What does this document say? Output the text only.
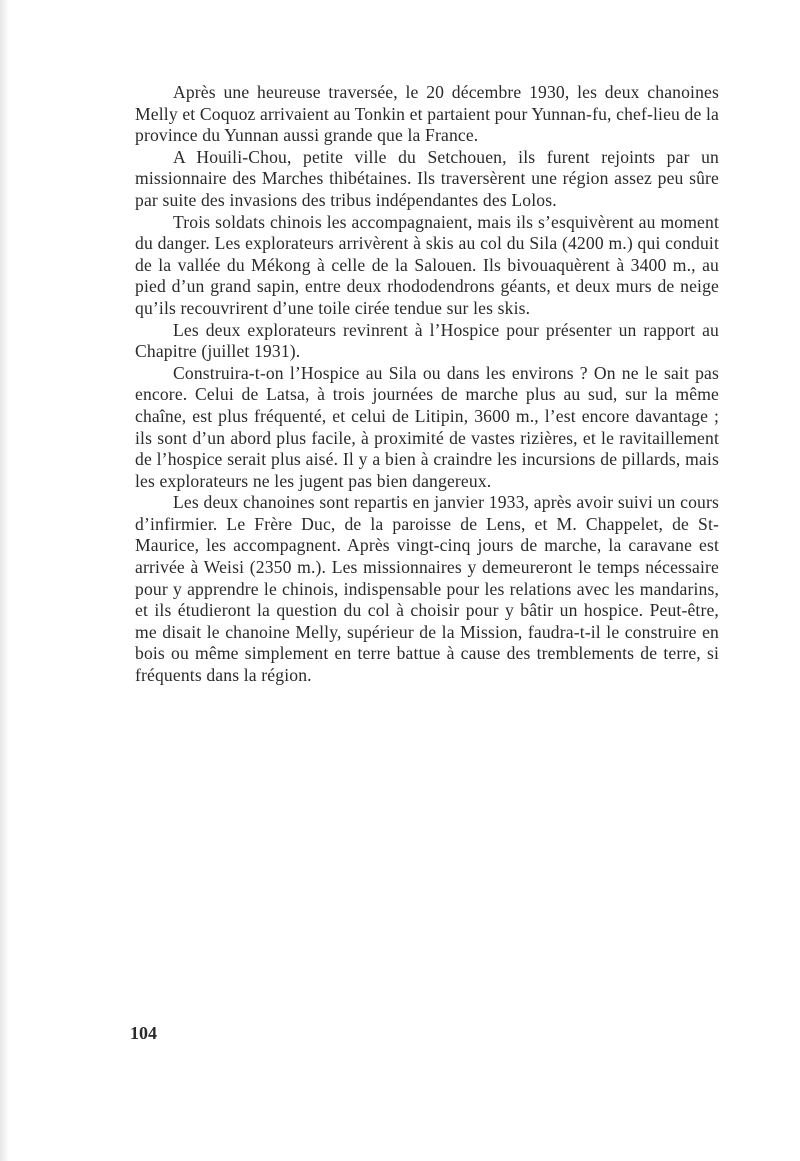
Après une heureuse traversée, le 20 décembre 1930, les deux chanoines Melly et Coquoz arrivaient au Tonkin et partaient pour Yunnan-fu, chef-lieu de la province du Yunnan aussi grande que la France.

A Houili-Chou, petite ville du Setchouen, ils furent rejoints par un missionnaire des Marches thibétaines. Ils traversèrent une région assez peu sûre par suite des invasions des tribus indépendantes des Lolos.

Trois soldats chinois les accompagnaient, mais ils s’esquivèrent au moment du danger. Les explorateurs arrivèrent à skis au col du Sila (4200 m.) qui conduit de la vallée du Mékong à celle de la Salouen. Ils bivouaquèrent à 3400 m., au pied d’un grand sapin, entre deux rhododendrons géants, et deux murs de neige qu’ils recouvrirent d’une toile cirée tendue sur les skis.

Les deux explorateurs revinrent à l’Hospice pour présenter un rapport au Chapitre (juillet 1931).

Construira-t-on l’Hospice au Sila ou dans les environs ? On ne le sait pas encore. Celui de Latsa, à trois journées de marche plus au sud, sur la même chaîne, est plus fréquenté, et celui de Litipin, 3600 m., l’est encore davantage ; ils sont d’un abord plus facile, à proximité de vastes rizières, et le ravitaillement de l’hospice serait plus aisé. Il y a bien à craindre les incursions de pillards, mais les explorateurs ne les jugent pas bien dangereux.

Les deux chanoines sont repartis en janvier 1933, après avoir suivi un cours d’infirmier. Le Frère Duc, de la paroisse de Lens, et M. Chappelet, de St-Maurice, les accompagnent. Après vingt-cinq jours de marche, la caravane est arrivée à Weisi (2350 m.). Les missionnaires y demeureront le temps nécessaire pour y apprendre le chinois, indispensable pour les relations avec les mandarins, et ils étudieront la question du col à choisir pour y bâtir un hospice. Peut-être, me disait le chanoine Melly, supérieur de la Mission, faudra-t-il le construire en bois ou même simplement en terre battue à cause des tremblements de terre, si fréquents dans la région.

104
